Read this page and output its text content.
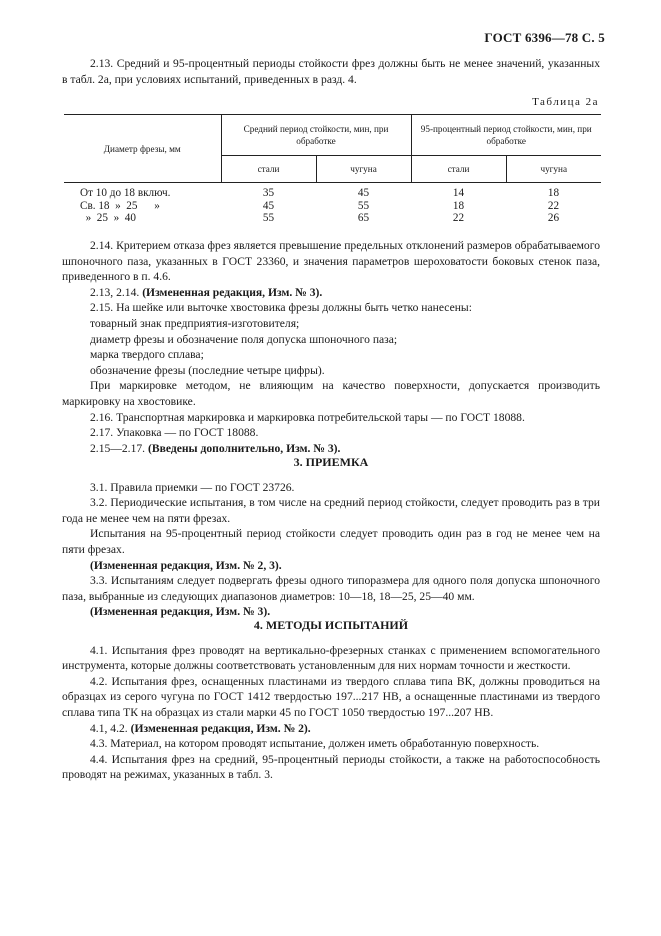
ГОСТ 6396—78 С. 5

2.13. Средний и 95-процентный периоды стойкости фрез должны быть не менее значений, указанных в табл. 2а, при условиях испытаний, приведенных в разд. 4.

Таблица 2а
Диаметр фрезы, мм	Средний период стойкости, мин, при обработке		95-процентный период стойкости, мин, при обработке	
	стали	чугуна	стали	чугуна
От 10 до 18 включ.	35	45	14	18
Св. 18  »  25      »	45	55	18	22
»  25  »  40	55	65	22	26

2.14. Критерием отказа фрез является превышение предельных отклонений размеров обрабатываемого шпоночного паза, указанных в ГОСТ 23360, и значения параметров шероховатости боковых стенок паза, приведенного в п. 4.6.

2.13, 2.14. (Измененная редакция, Изм. № 3).

2.15. На шейке или выточке хвостовика фрезы должны быть четко нанесены:

товарный знак предприятия-изготовителя;

диаметр фрезы и обозначение поля допуска шпоночного паза;

марка твердого сплава;

обозначение фрезы (последние четыре цифры).

При маркировке методом, не влияющим на качество поверхности, допускается производить маркировку на хвостовике.

2.16. Транспортная маркировка и маркировка потребительской тары — по ГОСТ 18088.

2.17. Упаковка — по ГОСТ 18088.

2.15—2.17. (Введены дополнительно, Изм. № 3).

3. ПРИЕМКА

3.1. Правила приемки — по ГОСТ 23726.

3.2. Периодические испытания, в том числе на средний период стойкости, следует проводить раз в три года не менее чем на пяти фрезах.

Испытания на 95-процентный период стойкости следует проводить один раз в год не менее чем на пяти фрезах.

(Измененная редакция, Изм. № 2, 3).

3.3. Испытаниям следует подвергать фрезы одного типоразмера для одного поля допуска шпоночного паза, выбранные из следующих диапазонов диаметров: 10—18, 18—25, 25—40 мм.

(Измененная редакция, Изм. № 3).

4. МЕТОДЫ ИСПЫТАНИЙ

4.1. Испытания фрез проводят на вертикально-фрезерных станках с применением вспомогательного инструмента, которые должны соответствовать установленным для них нормам точности и жесткости.

4.2. Испытания фрез, оснащенных пластинами из твердого сплава типа ВК, должны проводиться на образцах из серого чугуна по ГОСТ 1412 твердостью 197...217 НВ, а оснащенные пластинами из твердого сплава типа ТК на образцах из стали марки 45 по ГОСТ 1050 твердостью 197...207 НВ.

4.1, 4.2. (Измененная редакция, Изм. № 2).

4.3. Материал, на котором проводят испытание, должен иметь обработанную поверхность.

4.4. Испытания фрез на средний, 95-процентный периоды стойкости, а также на работоспособность проводят на режимах, указанных в табл. 3.
